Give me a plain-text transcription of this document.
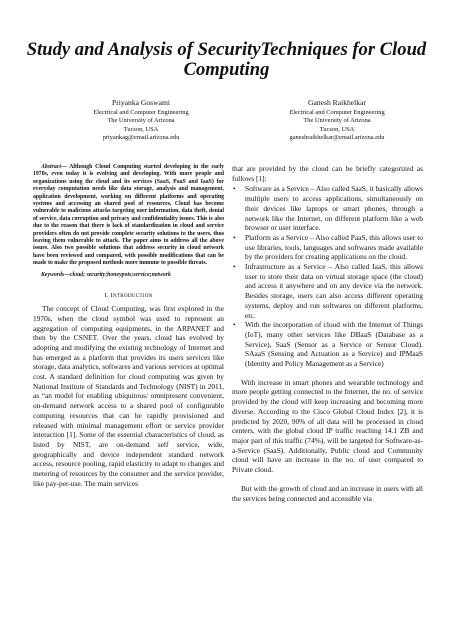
Study and Analysis of SecurityTechniques for Cloud Computing
Priyanka Goswami
Electrical and Computer Engineering
The University of Arizona
Tucson, USA
priyankag@email.arizona.edu
Ganesh Raikhelkar
Electrical and Computer Engineering
The University of Arizona
Tucson, USA
ganeshraikhelkar@email.arizona.edu

Abstract— Although Cloud Computing started developing in the early 1970s, even today it is evolving and developing. With more people and organizations using the cloud and its services (SaaS, PaaS and IaaS) for everyday computation needs like data storage, analysis and management, application development, working on different platforms and operating systems and accessing an shared pool of resources, Cloud has become vulnerable to malicious attacks targeting user information, data theft, denial of service, data corruption and privacy and confidentiality issues. This is also due to the reason that there is lack of standardization in cloud and service providers often do not provide complete security solutions to the users, thus leaving them vulnerable to attack. The paper aims to address all the above issues. Also two possible solutions that address security in cloud network have been reviewed and compared, with possible modifications that can be made to make the proposed methods more immune to possible threats.

Keywords—cloud; security;honeypots;service;network

I. INTRODUCTION

The concept of Cloud Computing, was first explored in the 1970s, when the cloud symbol was used to represent an aggregation of computing equipments, in the ARPANET and then by the CSNET. Over the years, cloud has evolved by adopting and modifying the existing technology of Internet and has emerged as a platform that provides its users services like storage, data analytics, softwares and various services at optimal cost. A standard definition for cloud computing was given by National Institute of Standards and Technology (NIST) in 2011, as “an model for enabling ubiquitous/ omnipresent convenient, on-demand network access to a shared pool of configurable computing resources that can be rapidly provisioned and released with minimal management effort or service provider interaction [1]. Some of the essential characteristics of cloud, as listed by NIST, are on-demand self service, wide, geographically and device independent standard network access, resource pooling, rapid elasticity to adapt to changes and metering of resources by the consumer and the service provider, like pay-per-use. The main services

that are provided by the cloud can be briefly categorized as follows [1]:

• Software as a Service – Also called SaaS, it basically allows multiple users to access applications, simultaneously on their devices like laptops or smart phones, through a network like the Internet, on different platform like a web browser or user interface.
• Platform as a Service – Also called PaaS, this allows user to use libraries, tools, languages and softwares made available by the providers for creating applications on the cloud.
• Infrastructure as a Service – Also called IaaS, this allows user to store their data on virtual storage space (the cloud) and access it anywhere and on any device via the network. Besides storage, users can also access different operating systems, deploy and run softwares on different platforms, etc.
• With the incorporation of cloud with the Internet of Things (IoT), many other services like DBaaS (Database as a Service), SaaS (Sensor as a Service or Sensor Cloud). SAaaS (Sensing and Actuation as a Service) and IPMaaS (Identity and Policy Management as a Service)

With increase in smart phones and wearable technology and more people getting connected to the Internet, the no. of service provided by the cloud will keep increasing and becoming more diverse. According to the Cisco Global Cloud Index [2], it is predicted by 2020, 90% of all data will be processed in cloud centers, with the global cloud IP traffic reaching 14.1 ZB and major part of this traffic (74%), will be targeted for Software-as-a-Service (SaaS). Additionally, Public cloud and Community cloud will have an increase in the no. of user compared to Private cloud.

But with the growth of cloud and an increase in users with all the services being connected and accessible via
